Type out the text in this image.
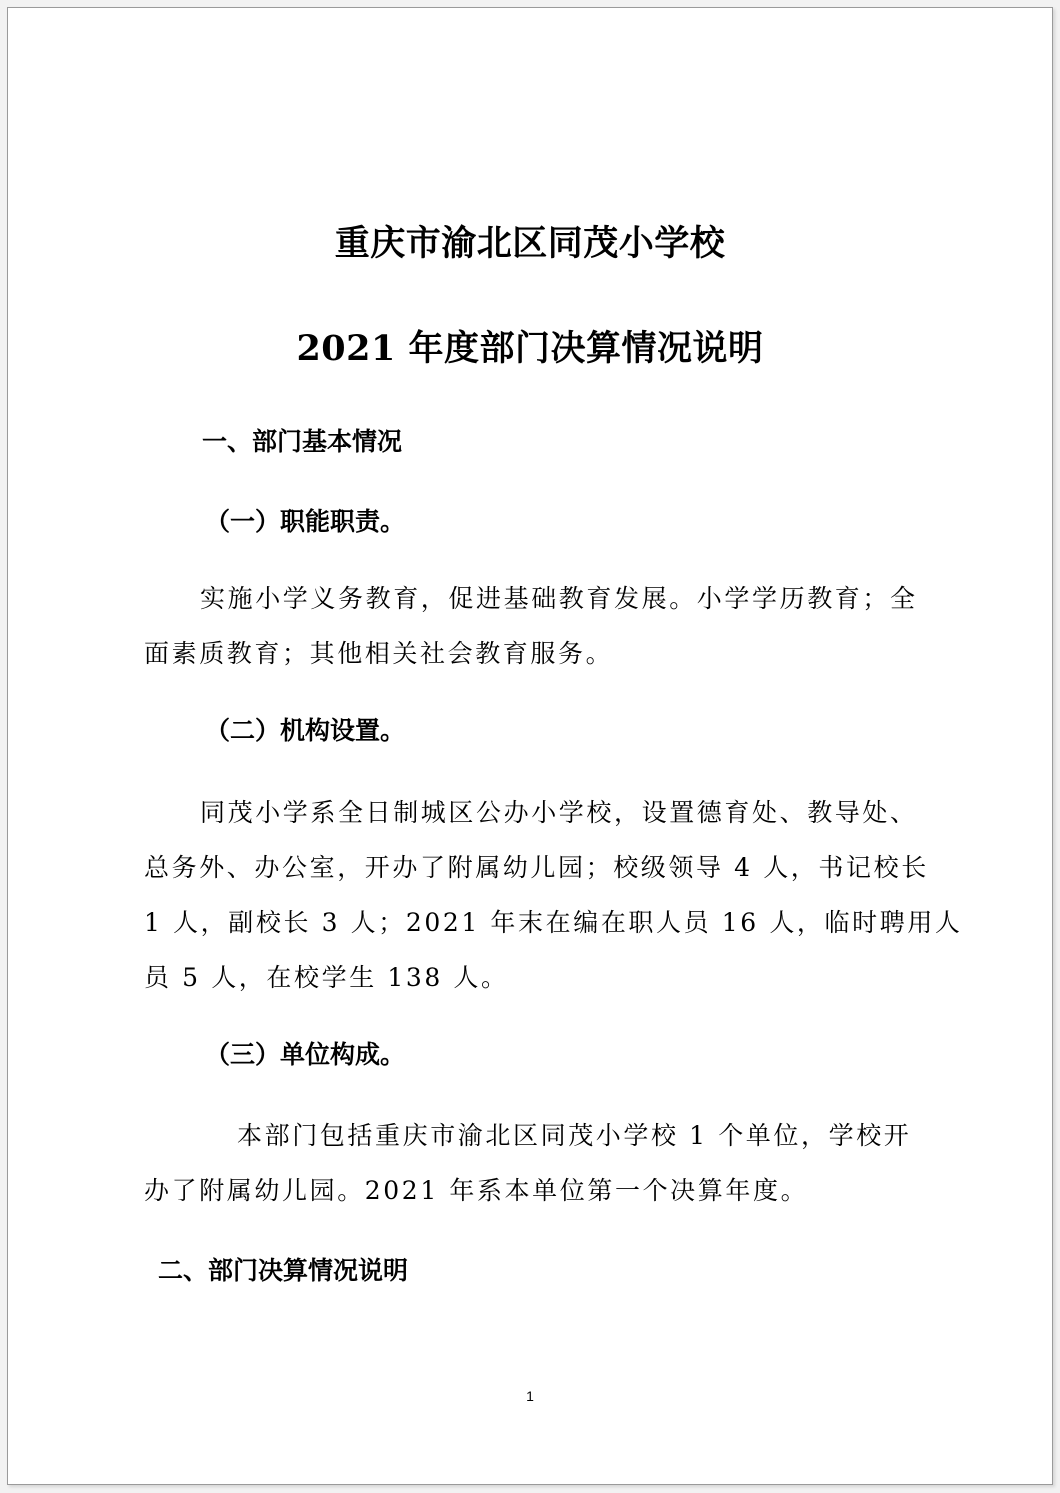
重庆市渝北区同茂小学校
2021 年度部门决算情况说明
一、部门基本情况
（一）职能职责。
实施小学义务教育，促进基础教育发展。小学学历教育；全
面素质教育；其他相关社会教育服务。
（二）机构设置。
同茂小学系全日制城区公办小学校，设置德育处、教导处、
总务外、办公室，开办了附属幼儿园；校级领导 4 人，书记校长
1 人，副校长 3 人；2021 年末在编在职人员 16 人，临时聘用人
员 5 人，在校学生 138 人。
（三）单位构成。
本部门包括重庆市渝北区同茂小学校 1 个单位，学校开
办了附属幼儿园。2021 年系本单位第一个决算年度。
二、部门决算情况说明
1
